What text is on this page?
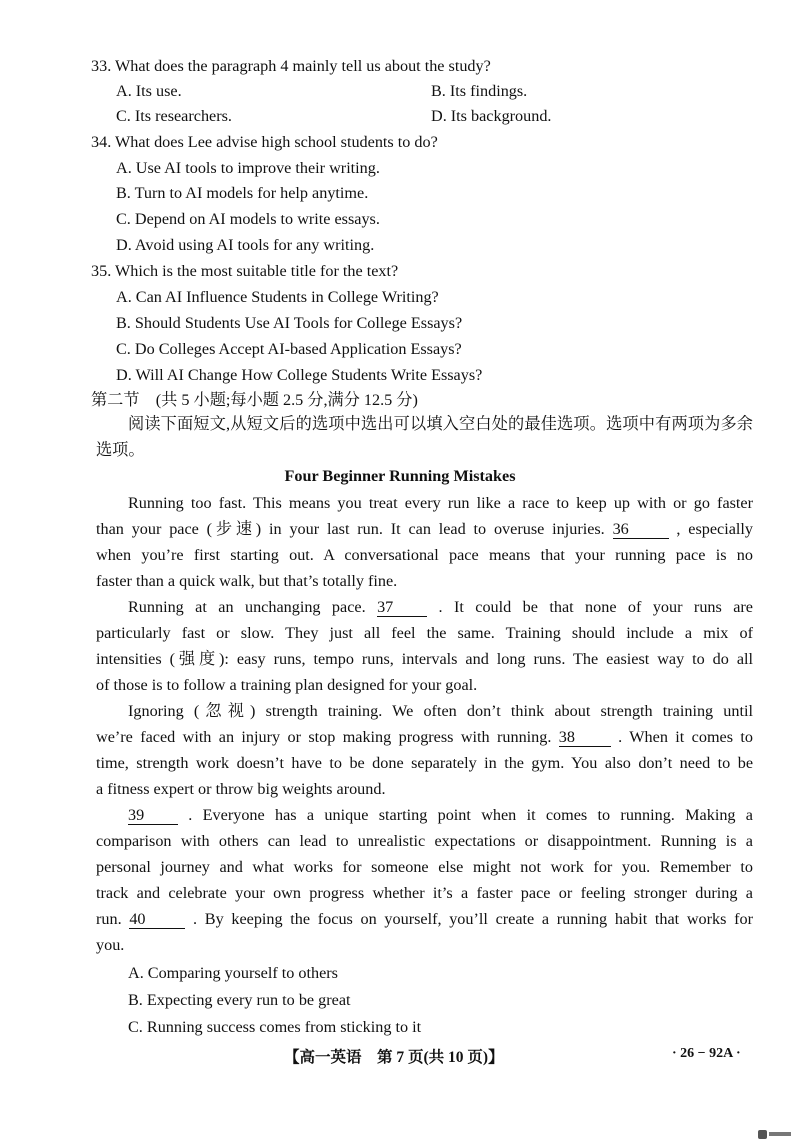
33. What does the paragraph 4 mainly tell us about the study?
A. Its use.	B. Its findings.
C. Its researchers.	D. Its background.
34. What does Lee advise high school students to do?
A. Use AI tools to improve their writing.
B. Turn to AI models for help anytime.
C. Depend on AI models to write essays.
D. Avoid using AI tools for any writing.
35. Which is the most suitable title for the text?
A. Can AI Influence Students in College Writing?
B. Should Students Use AI Tools for College Essays?
C. Do Colleges Accept AI-based Application Essays?
D. Will AI Change How College Students Write Essays?
第二节　(共 5 小题;每小题 2.5 分,满分 12.5 分)
阅读下面短文,从短文后的选项中选出可以填入空白处的最佳选项。选项中有两项为多余
选项。
Four Beginner Running Mistakes
Running too fast. This means you treat every run like a race to keep up with or go faster
than your pace (步速) in your last run. It can lead to overuse injuries. 36 , especially
when you’re first starting out. A conversational pace means that your running pace is no
faster than a quick walk, but that’s totally fine.
Running at an unchanging pace. 37 . It could be that none of your runs are
particularly fast or slow. They just all feel the same. Training should include a mix of
intensities (强度): easy runs, tempo runs, intervals and long runs. The easiest way to do all
of those is to follow a training plan designed for your goal.
Ignoring (忽视) strength training. We often don’t think about strength training until
we’re faced with an injury or stop making progress with running. 38 . When it comes to
time, strength work doesn’t have to be done separately in the gym. You also don’t need to be
a fitness expert or throw big weights around.
39 . Everyone has a unique starting point when it comes to running. Making a
comparison with others can lead to unrealistic expectations or disappointment. Running is a
personal journey and what works for someone else might not work for you. Remember to
track and celebrate your own progress whether it’s a faster pace or feeling stronger during a
run. 40 . By keeping the focus on yourself, you’ll create a running habit that works for
you.
A. Comparing yourself to others
B. Expecting every run to be great
C. Running success comes from sticking to it
【高一英语　第 7 页(共 10 页)】	· 26 − 92A ·
